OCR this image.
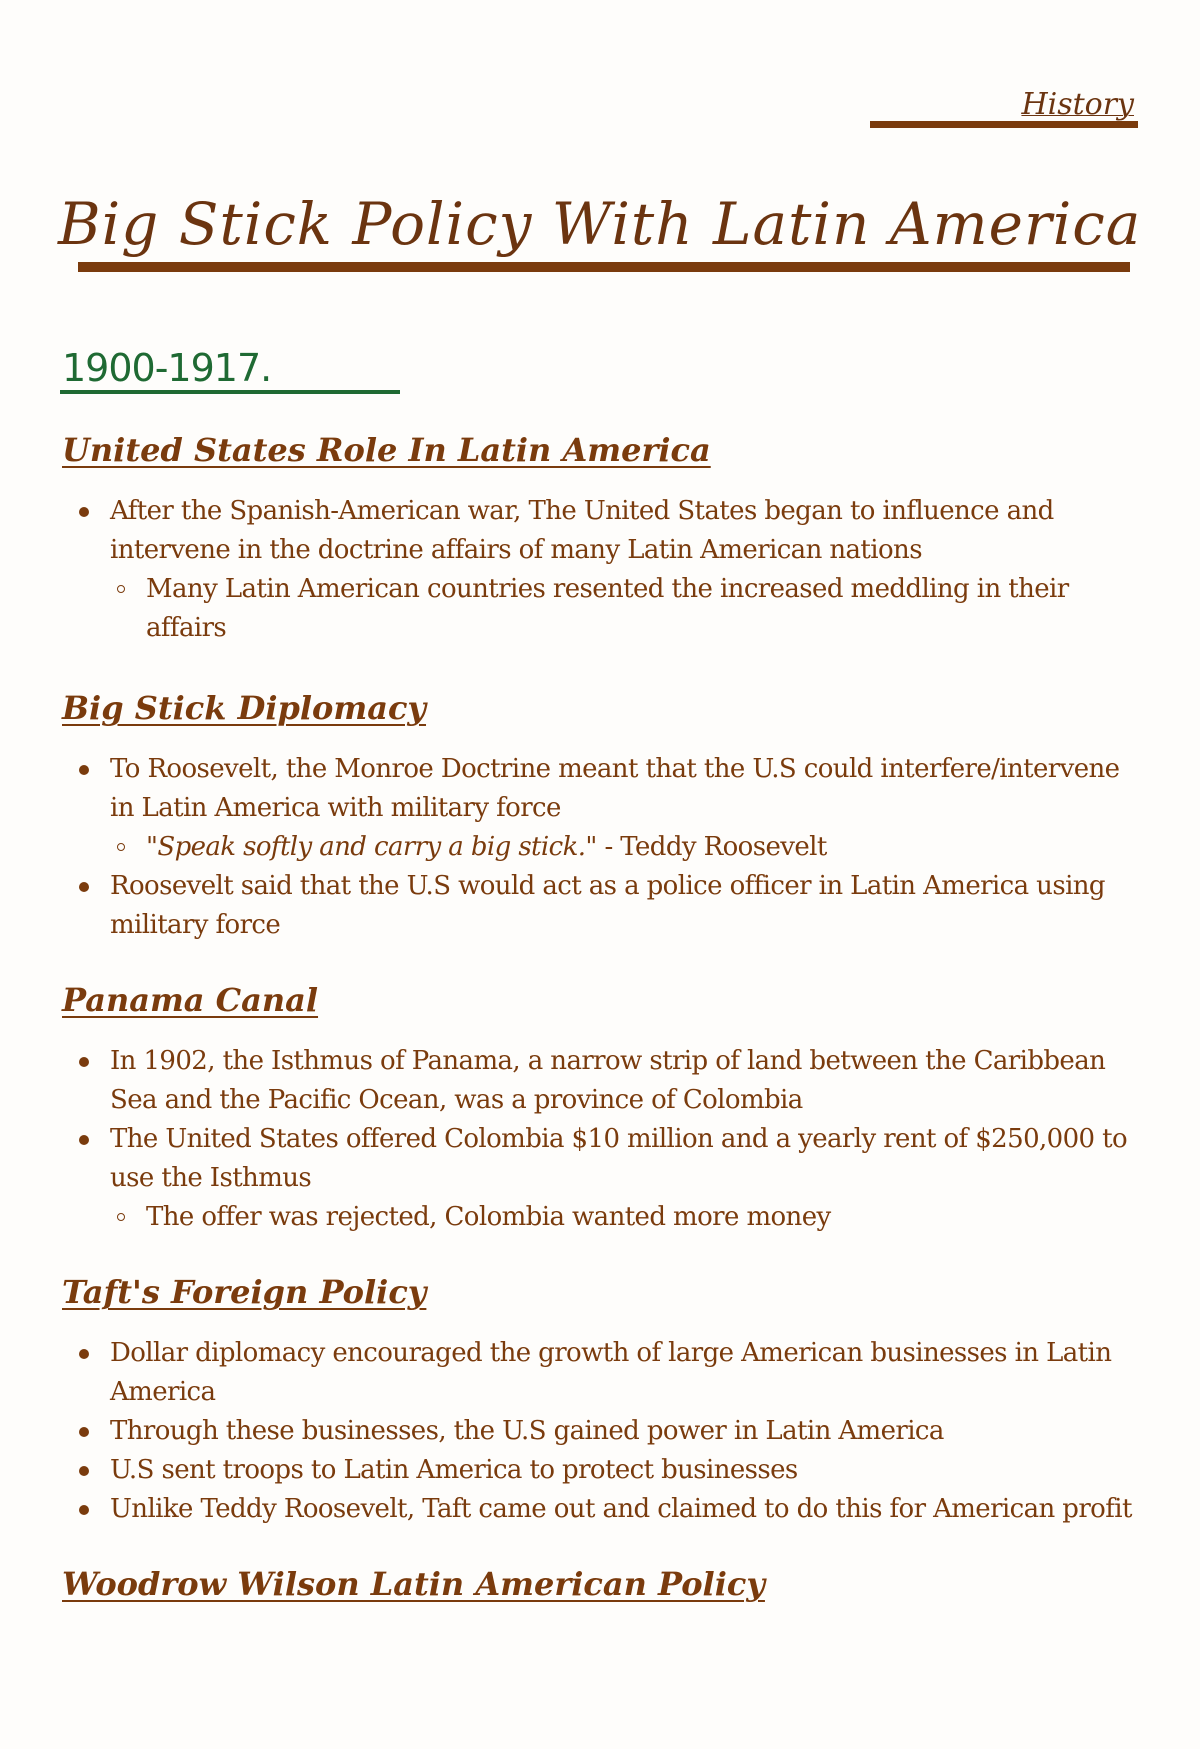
History
Big Stick Policy With Latin America
1900-1917.
United States Role In Latin America
After the Spanish-American war, The United States began to influence and intervene in the doctrine affairs of many Latin American nations
Many Latin American countries resented the increased meddling in their affairs
Big Stick Diplomacy
To Roosevelt, the Monroe Doctrine meant that the U.S could interfere/intervene in Latin America with military force
"Speak softly and carry a big stick." - Teddy Roosevelt
Roosevelt said that the U.S would act as a police officer in Latin America using military force
Panama Canal
In 1902, the Isthmus of Panama, a narrow strip of land between the Caribbean Sea and the Pacific Ocean, was a province of Colombia
The United States offered Colombia $10 million and a yearly rent of $250,000 to use the Isthmus
The offer was rejected, Colombia wanted more money
Taft's Foreign Policy
Dollar diplomacy encouraged the growth of large American businesses in Latin America
Through these businesses, the U.S gained power in Latin America
U.S sent troops to Latin America to protect businesses
Unlike Teddy Roosevelt, Taft came out and claimed to do this for American profit
Woodrow Wilson Latin American Policy
